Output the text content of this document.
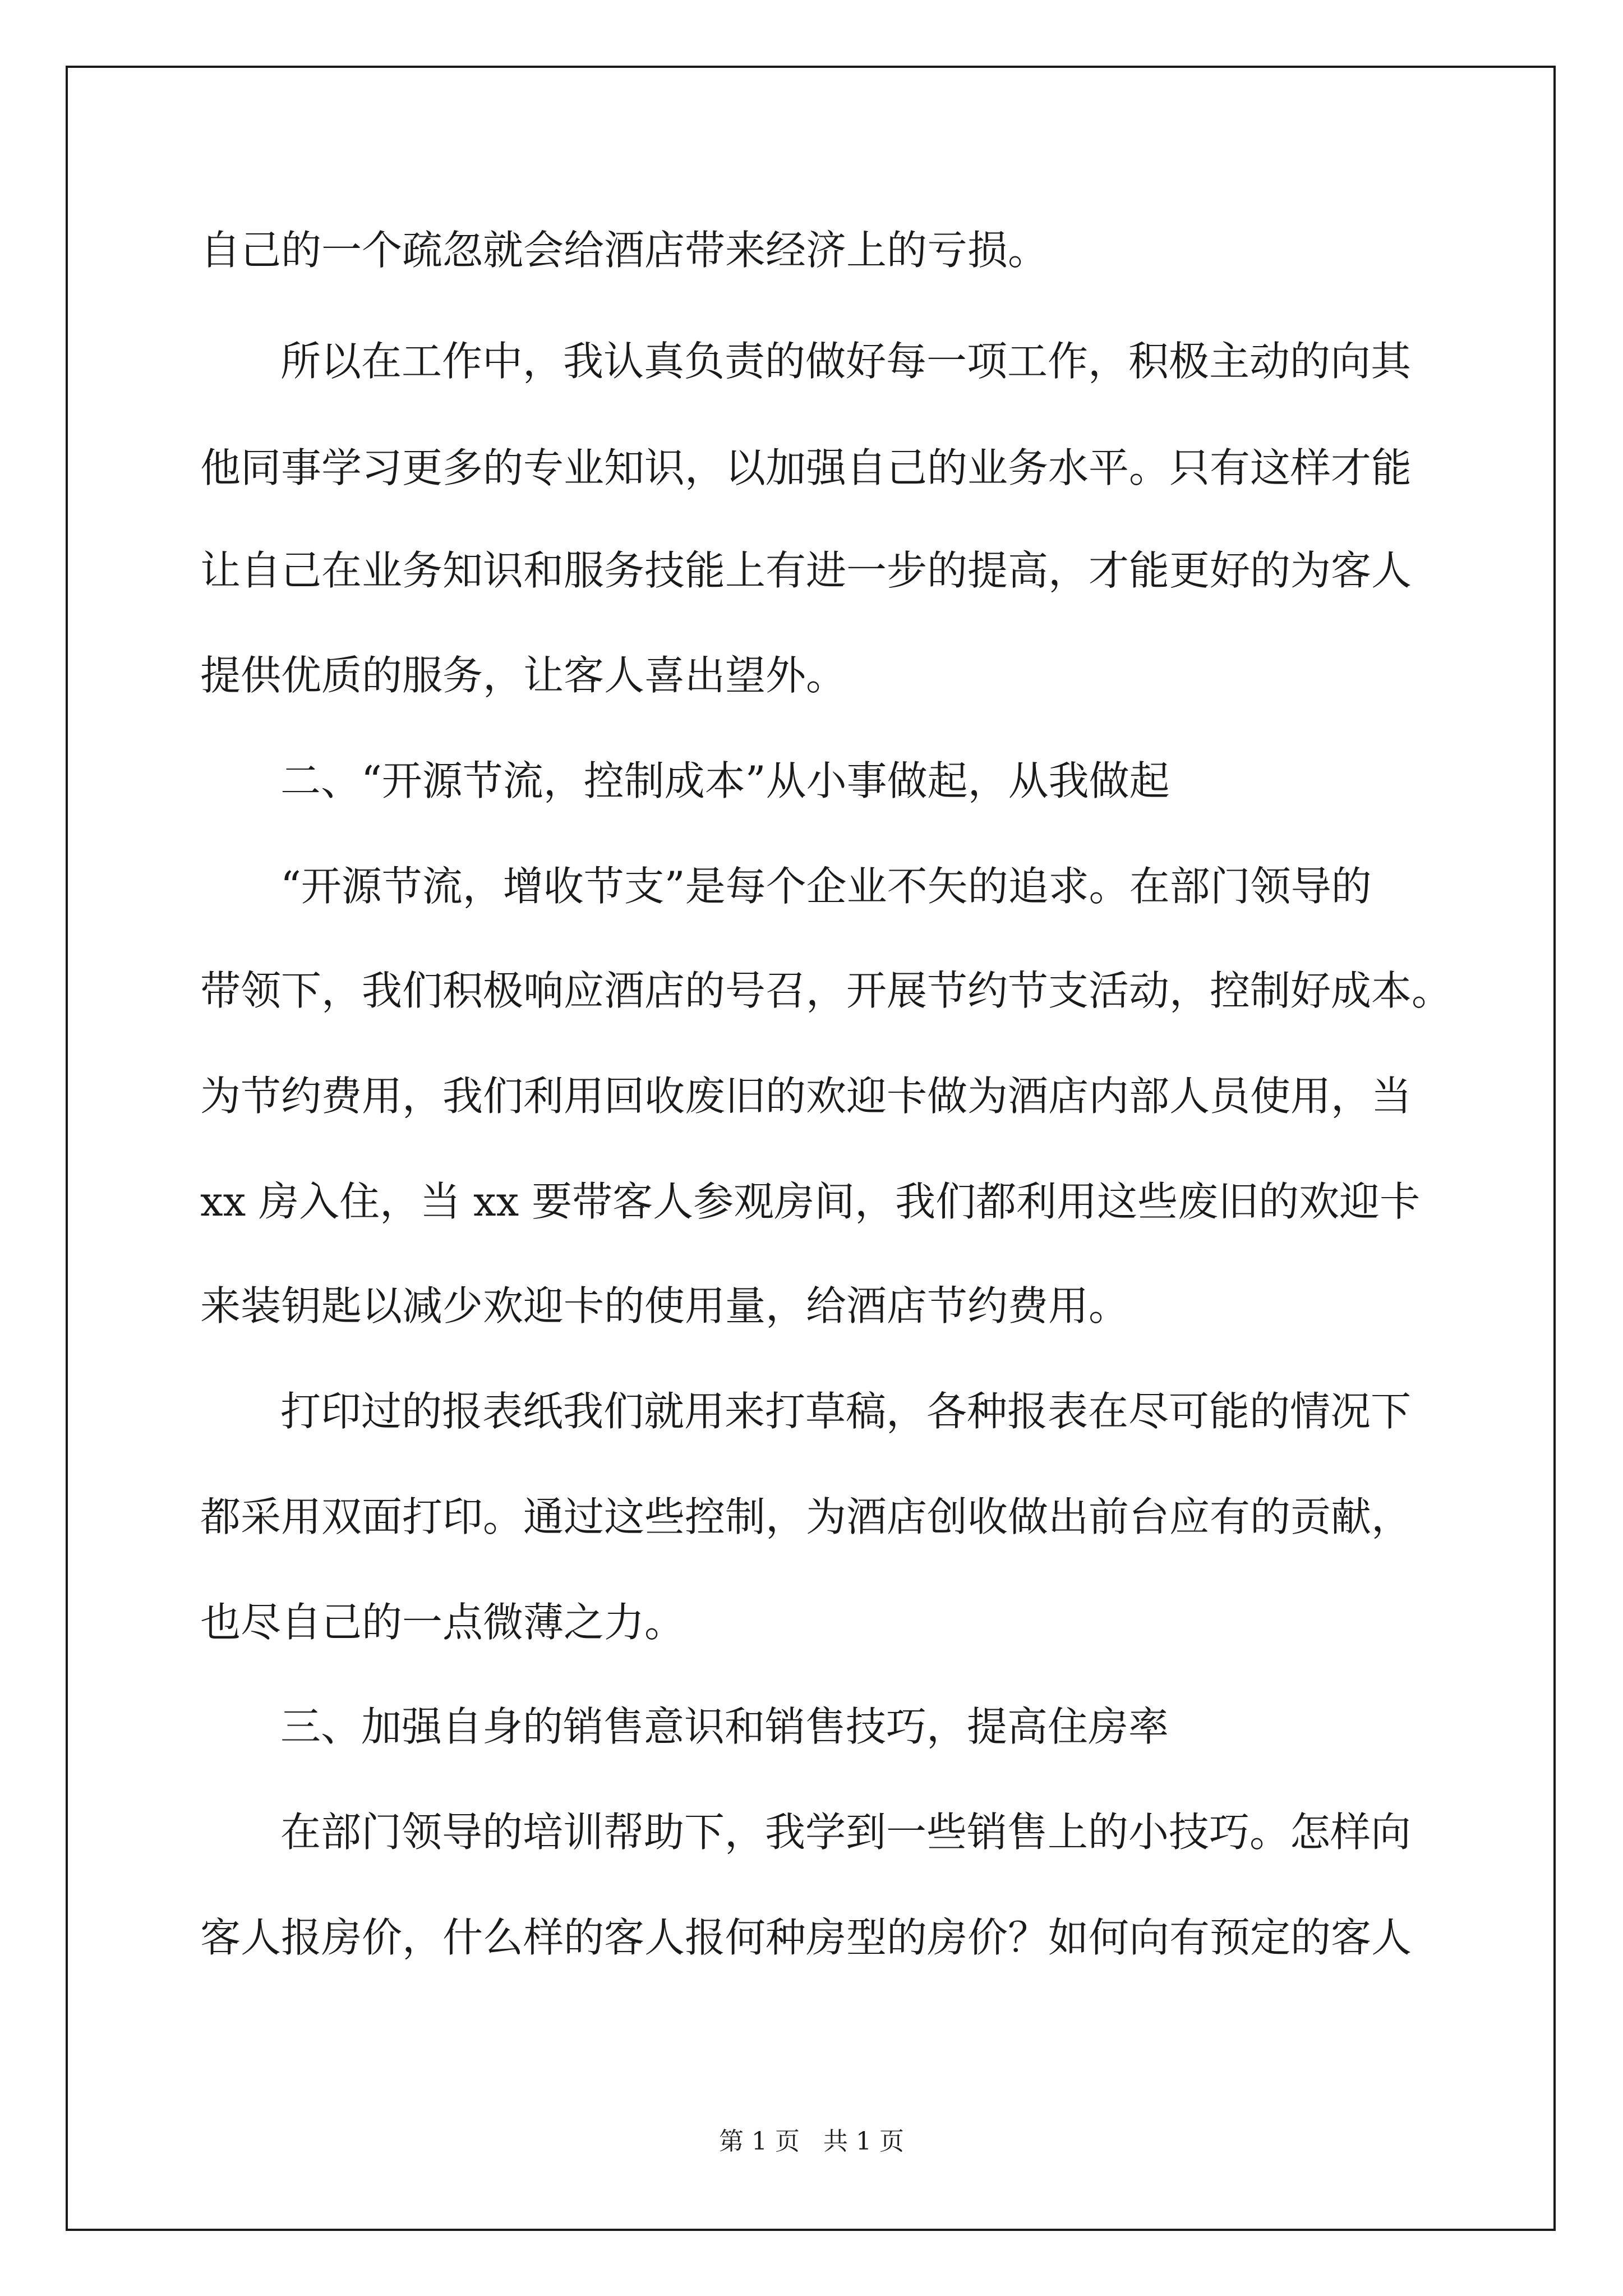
自己的一个疏忽就会给酒店带来经济上的亏损。
所以在工作中，我认真负责的做好每一项工作，积极主动的向其
他同事学习更多的专业知识，以加强自己的业务水平。只有这样才能
让自己在业务知识和服务技能上有进一步的提高，才能更好的为客人
提供优质的服务，让客人喜出望外。
二、“开源节流，控制成本”从小事做起，从我做起
“开源节流，增收节支”是每个企业不矢的追求。在部门领导的
带领下，我们积极响应酒店的号召，开展节约节支活动，控制好成本。
为节约费用，我们利用回收废旧的欢迎卡做为酒店内部人员使用，当
xx 房入住，当 xx 要带客人参观房间，我们都利用这些废旧的欢迎卡
来装钥匙以减少欢迎卡的使用量，给酒店节约费用。
打印过的报表纸我们就用来打草稿，各种报表在尽可能的情况下
都采用双面打印。通过这些控制，为酒店创收做出前台应有的贡献，
也尽自己的一点微薄之力。
三、加强自身的销售意识和销售技巧，提高住房率
在部门领导的培训帮助下，我学到一些销售上的小技巧。怎样向
客人报房价，什么样的客人报何种房型的房价？如何向有预定的客人
第 1 页   共 1 页
